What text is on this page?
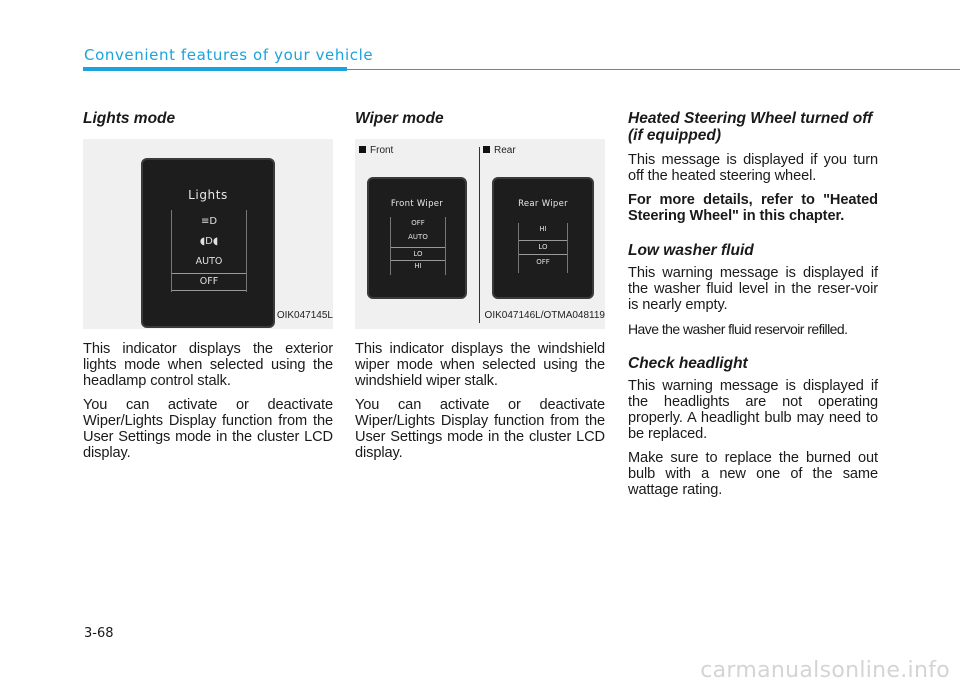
Convenient features of your vehicle
Lights mode
Lights
≡D
◖D◖
AUTO
OFF
OIK047145L

This indicator displays the exterior lights mode when selected using the headlamp control stalk.

You can activate or deactivate Wiper/Lights Display function from the User Settings mode in the cluster LCD display.

Wiper mode
Front	Rear
Front Wiper
OFF
AUTO
LO
HI
Rear Wiper
HI
LO
OFF
OIK047146L/OTMA048119

This indicator displays the windshield wiper mode when selected using the windshield wiper stalk.

You can activate or deactivate Wiper/Lights Display function from the User Settings mode in the cluster LCD display.

Heated Steering Wheel turned off (if equipped)

This message is displayed if you turn off the heated steering wheel.

For more details, refer to "Heated Steering Wheel" in this chapter.

Low washer fluid

This warning message is displayed if the washer fluid level in the reser-voir is nearly empty.

Have the washer fluid reservoir refilled.

Check headlight

This warning message is displayed if the headlights are not operating properly. A headlight bulb may need to be replaced.

Make sure to replace the burned out bulb with a new one of the same wattage rating.

3-68
carmanualsonline.info
